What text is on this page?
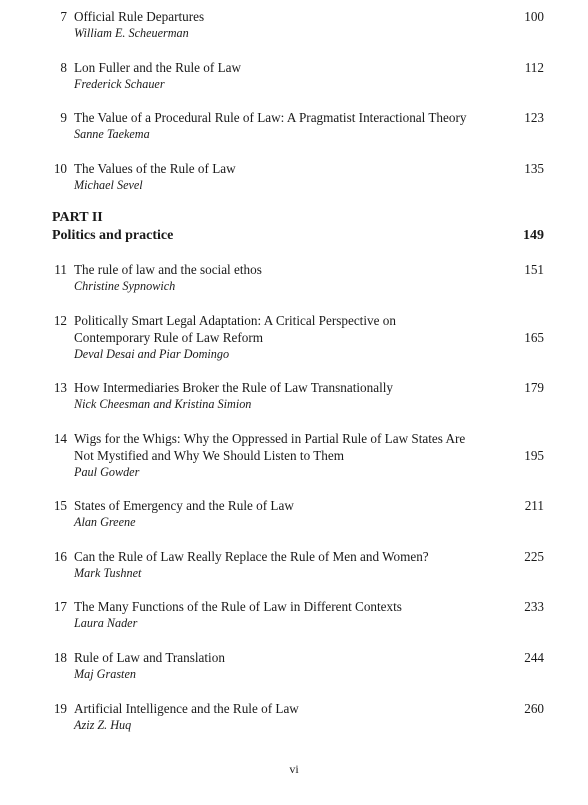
7 Official Rule Departures
William E. Scheuerman
100
8 Lon Fuller and the Rule of Law
Frederick Schauer
112
9 The Value of a Procedural Rule of Law: A Pragmatist Interactional Theory
Sanne Taekema
123
10 The Values of the Rule of Law
Michael Sevel
135
PART II
Politics and practice	149
11 The rule of law and the social ethos
Christine Sypnowich
151
12 Politically Smart Legal Adaptation: A Critical Perspective on
Contemporary Rule of Law Reform
Deval Desai and Piar Domingo
165
13 How Intermediaries Broker the Rule of Law Transnationally
Nick Cheesman and Kristina Simion
179
14 Wigs for the Whigs: Why the Oppressed in Partial Rule of Law States Are
Not Mystified and Why We Should Listen to Them
Paul Gowder
195
15 States of Emergency and the Rule of Law
Alan Greene
211
16 Can the Rule of Law Really Replace the Rule of Men and Women?
Mark Tushnet
225
17 The Many Functions of the Rule of Law in Different Contexts
Laura Nader
233
18 Rule of Law and Translation
Maj Grasten
244
19 Artificial Intelligence and the Rule of Law
Aziz Z. Huq
260
vi
